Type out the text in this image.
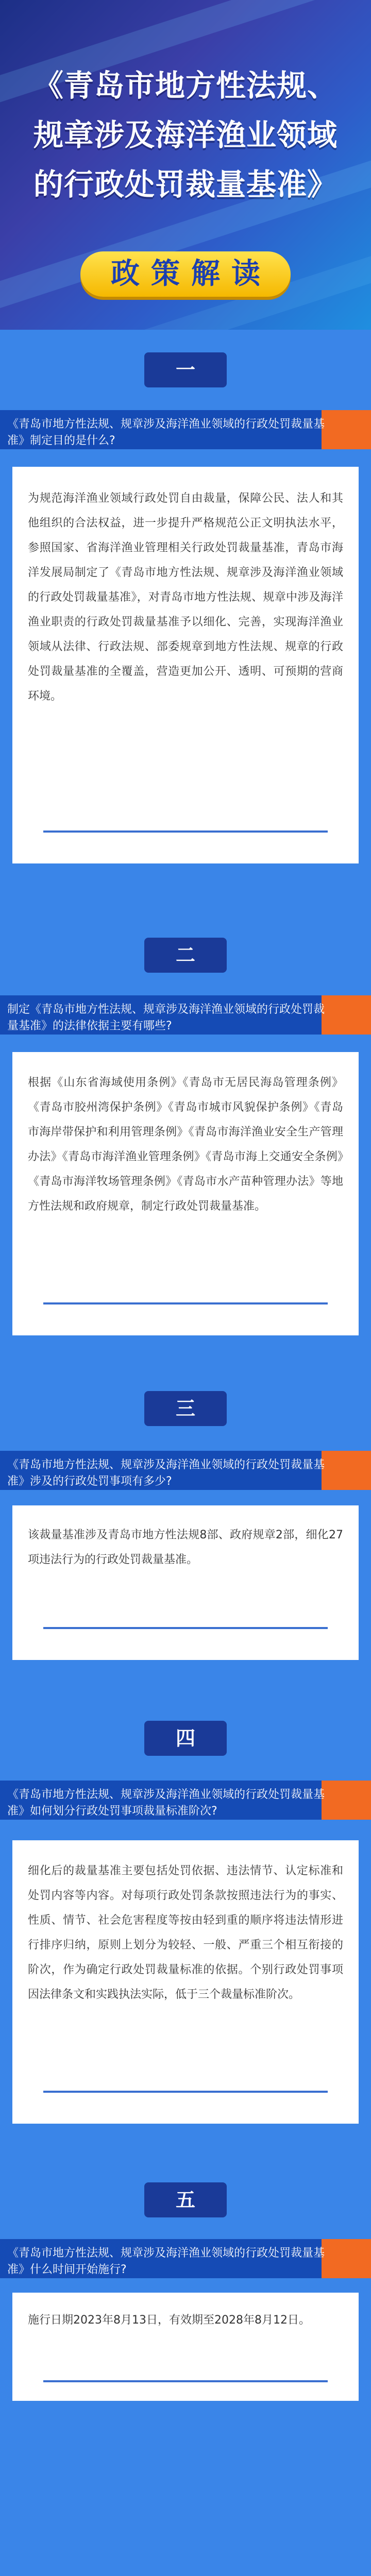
《青岛市地方性法规、
规章涉及海洋渔业领域
的行政处罚裁量基准》
政策解读
一
《青岛市地方性法规、规章涉及海洋渔业领域的行政处罚裁量基准》制定目的是什么?

为规范海洋渔业领域行政处罚自由裁量，保障公民、法人和其他组织的合法权益，进一步提升严格规范公正文明执法水平，参照国家、省海洋渔业管理相关行政处罚裁量基准，青岛市海洋发展局制定了《青岛市地方性法规、规章涉及海洋渔业领域的行政处罚裁量基准》，对青岛市地方性法规、规章中涉及海洋渔业职责的行政处罚裁量基准予以细化、完善，实现海洋渔业领域从法律、行政法规、部委规章到地方性法规、规章的行政处罚裁量基准的全覆盖，营造更加公开、透明、可预期的营商环境。

二
制定《青岛市地方性法规、规章涉及海洋渔业领域的行政处罚裁量基准》的法律依据主要有哪些?

根据《山东省海域使用条例》《青岛市无居民海岛管理条例》《青岛市胶州湾保护条例》《青岛市城市风貌保护条例》《青岛市海岸带保护和利用管理条例》《青岛市海洋渔业安全生产管理办法》《青岛市海洋渔业管理条例》《青岛市海上交通安全条例》《青岛市海洋牧场管理条例》《青岛市水产苗种管理办法》等地方性法规和政府规章，制定行政处罚裁量基准。

三
《青岛市地方性法规、规章涉及海洋渔业领域的行政处罚裁量基准》涉及的行政处罚事项有多少?

该裁量基准涉及青岛市地方性法规8部、政府规章2部，细化27项违法行为的行政处罚裁量基准。

四
《青岛市地方性法规、规章涉及海洋渔业领域的行政处罚裁量基准》如何划分行政处罚事项裁量标准阶次?

细化后的裁量基准主要包括处罚依据、违法情节、认定标准和处罚内容等内容。对每项行政处罚条款按照违法行为的事实、性质、情节、社会危害程度等按由轻到重的顺序将违法情形进行排序归纳，原则上划分为较轻、一般、严重三个相互衔接的阶次，作为确定行政处罚裁量标准的依据。个别行政处罚事项因法律条文和实践执法实际，低于三个裁量标准阶次。

五
《青岛市地方性法规、规章涉及海洋渔业领域的行政处罚裁量基准》什么时间开始施行?

施行日期2023年8月13日，有效期至2028年8月12日。
